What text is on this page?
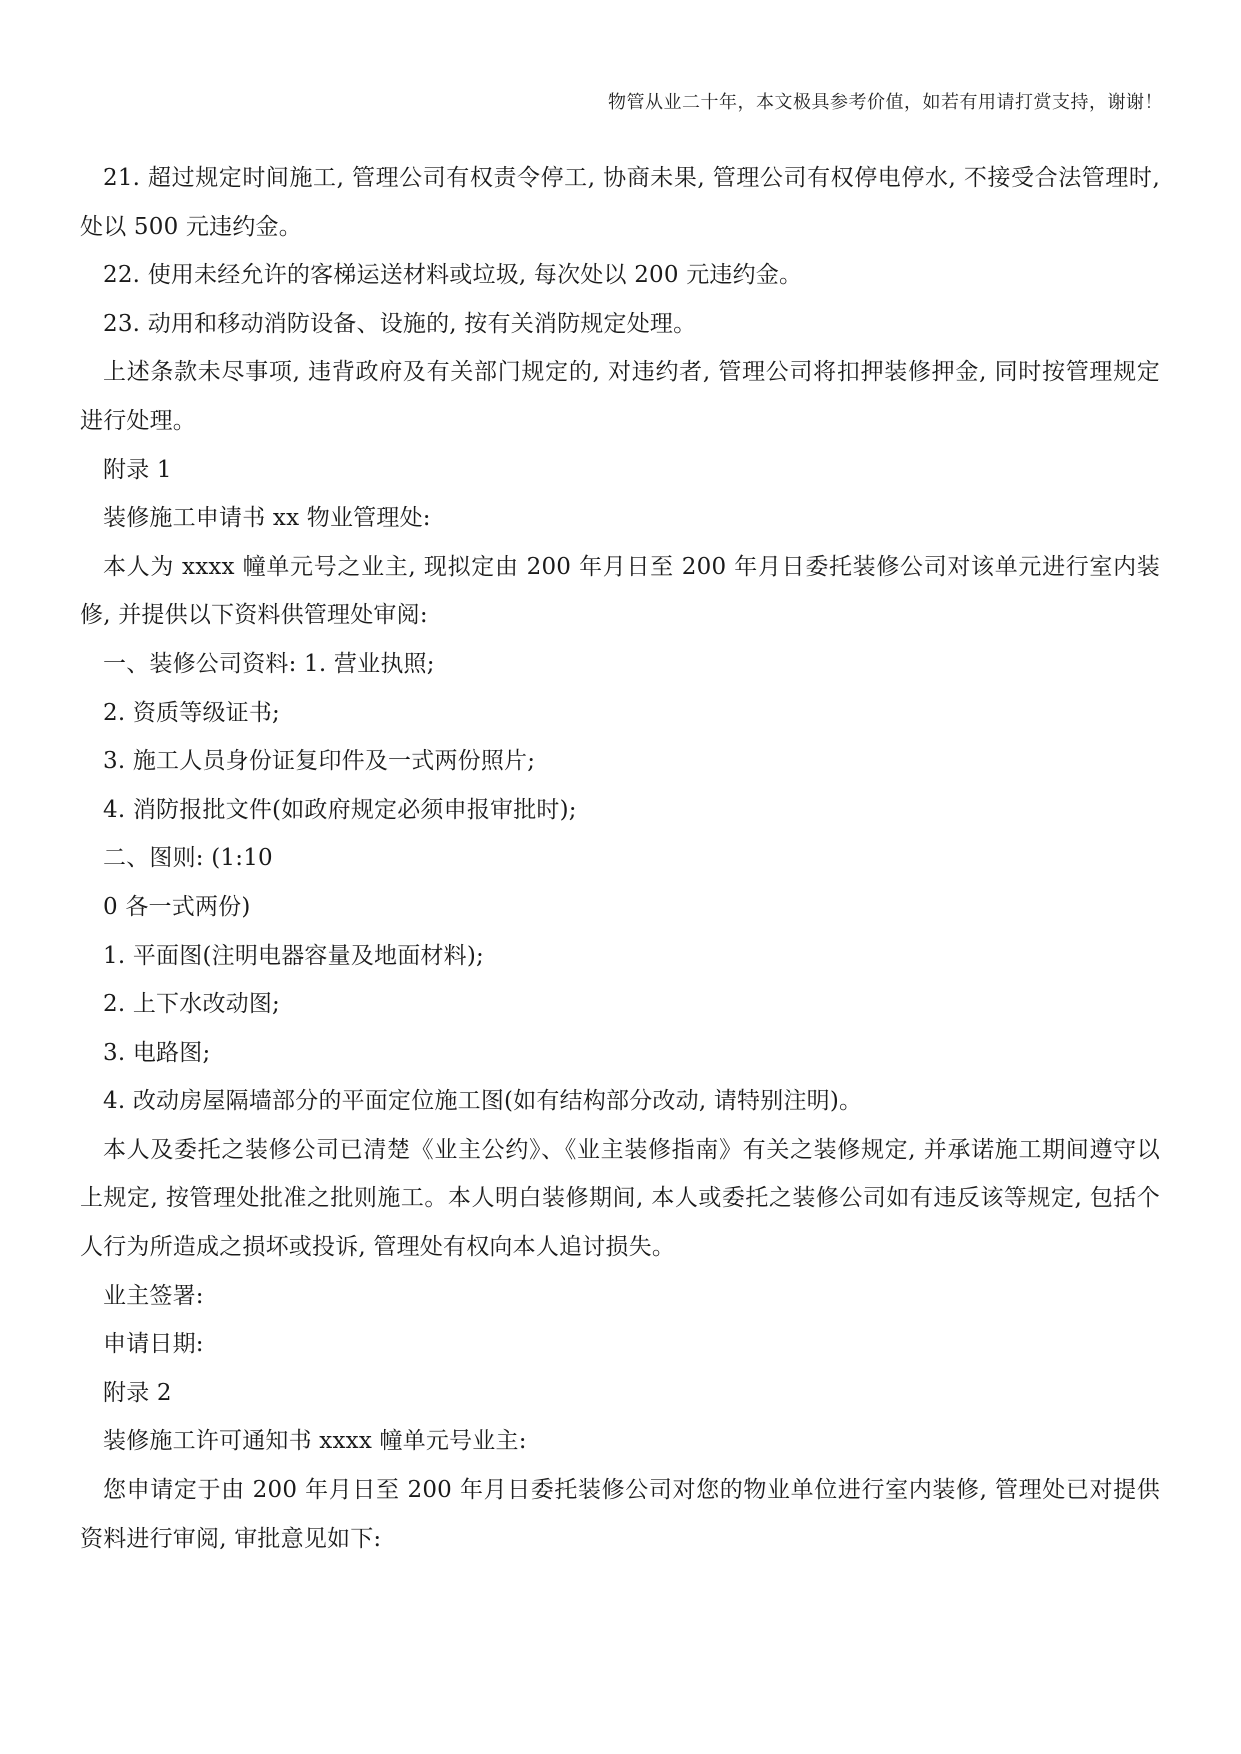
物管从业二十年，本文极具参考价值，如若有用请打赏支持，谢谢！

21. 超过规定时间施工, 管理公司有权责令停工, 协商未果, 管理公司有权停电停水, 不接受合法管理时, 处以 500 元违约金。

22. 使用未经允许的客梯运送材料或垃圾, 每次处以 200 元违约金。

23. 动用和移动消防设备、设施的, 按有关消防规定处理。

上述条款未尽事项, 违背政府及有关部门规定的, 对违约者, 管理公司将扣押装修押金, 同时按管理规定进行处理。

附录 1

装修施工申请书 xx 物业管理处:

本人为 xxxx 幢单元号之业主, 现拟定由 200 年月日至 200 年月日委托装修公司对该单元进行室内装修, 并提供以下资料供管理处审阅:

一、装修公司资料: 1. 营业执照;

2. 资质等级证书;

3. 施工人员身份证复印件及一式两份照片;

4. 消防报批文件(如政府规定必须申报审批时);

二、图则: (1:10

0 各一式两份)

1. 平面图(注明电器容量及地面材料);

2. 上下水改动图;

3. 电路图;

4. 改动房屋隔墙部分的平面定位施工图(如有结构部分改动, 请特别注明)。

本人及委托之装修公司已清楚《业主公约》、《业主装修指南》有关之装修规定, 并承诺施工期间遵守以上规定, 按管理处批准之批则施工。本人明白装修期间, 本人或委托之装修公司如有违反该等规定, 包括个人行为所造成之损坏或投诉, 管理处有权向本人追讨损失。

业主签署:

申请日期:

附录 2

装修施工许可通知书 xxxx 幢单元号业主:

您申请定于由 200 年月日至 200 年月日委托装修公司对您的物业单位进行室内装修, 管理处已对提供资料进行审阅, 审批意见如下:
